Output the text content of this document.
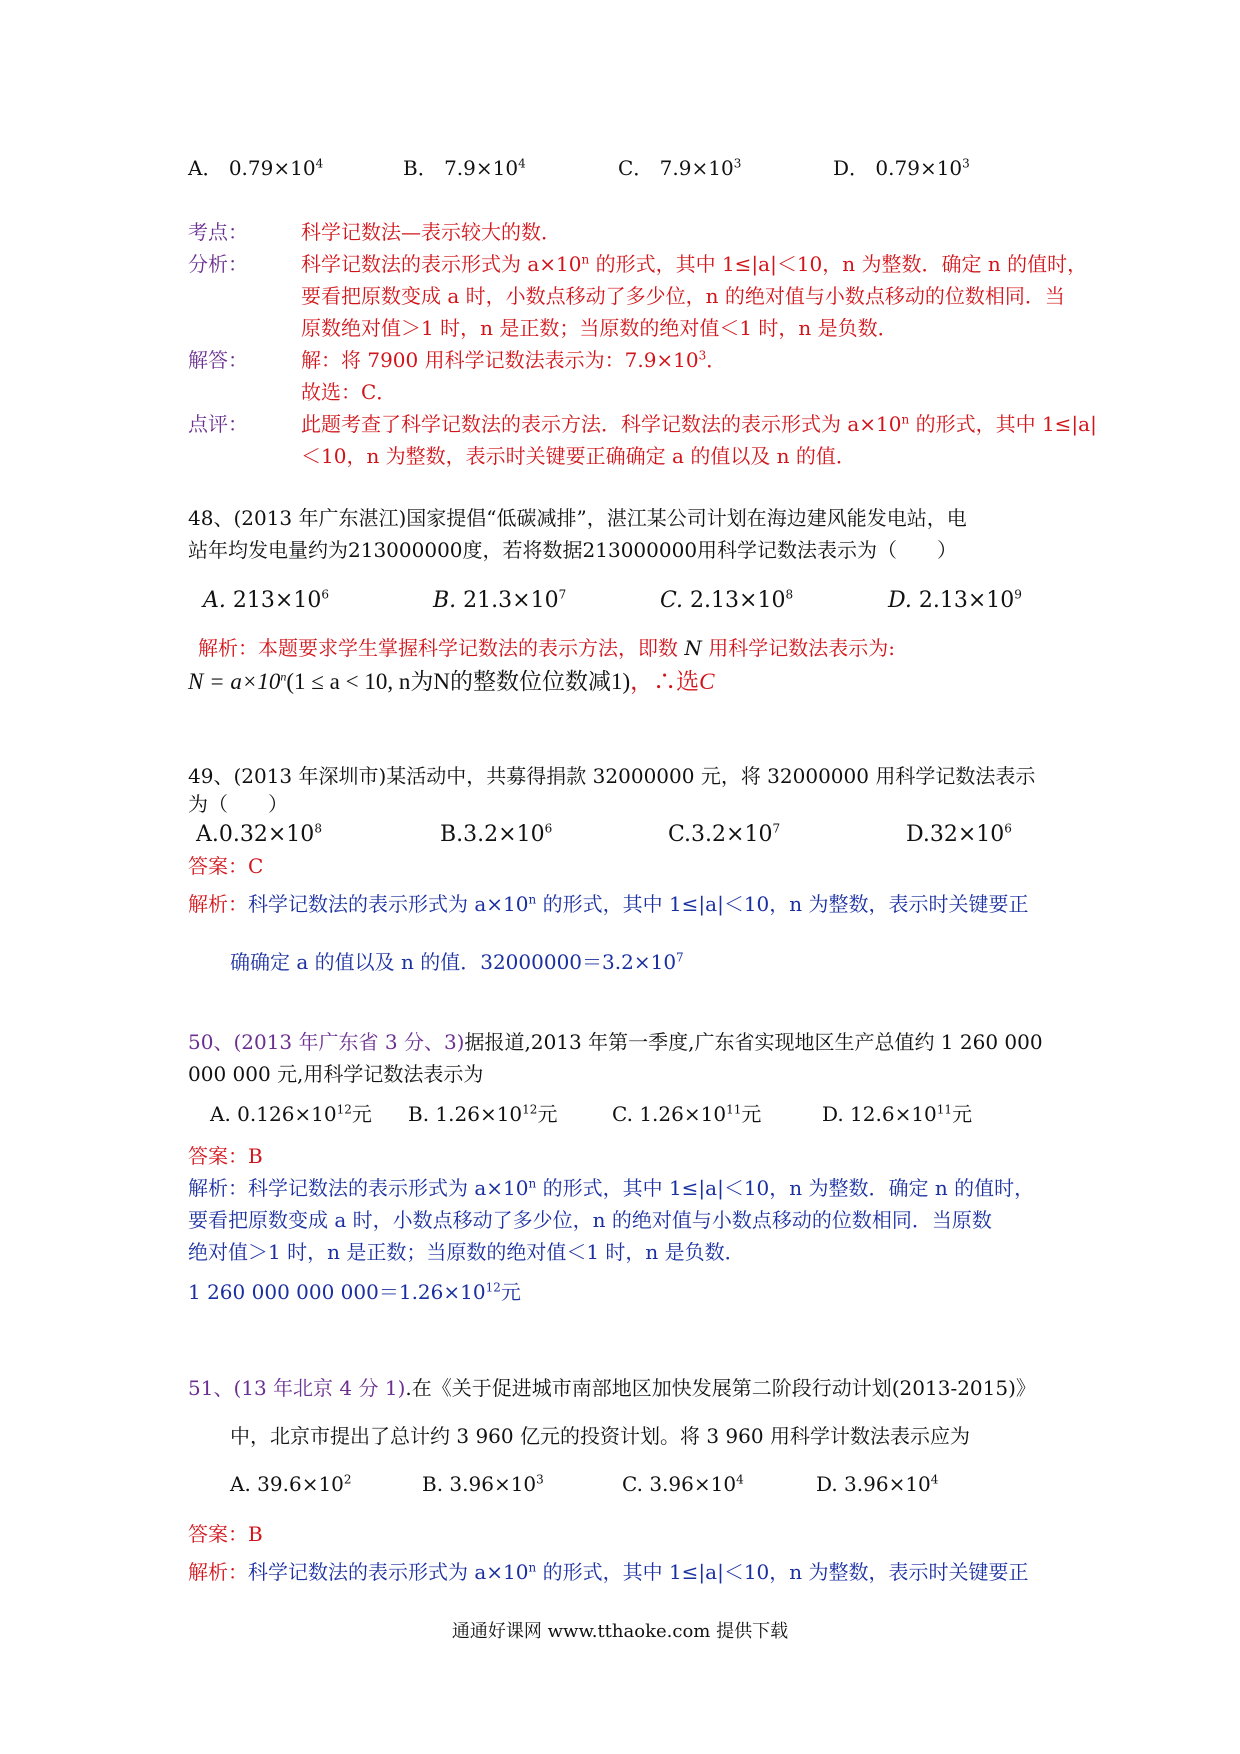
A． $0.79\times 10^4$	B． $7.9\times 10^4$	C． $7.9\times 10^3$	D． $0.79\times 10^3$
考点：	科学记数法—表示较大的数．
分析：	科学记数法的表示形式为 $a\times 10^n$ 的形式，其中 1≤|a|＜10，n 为整数．确定 n 的值时，
要看把原数变成 a 时，小数点移动了多少位，n 的绝对值与小数点移动的位数相同．当
原数绝对值＞1 时，n 是正数；当原数的绝对值＜1 时，n 是负数．
解答：	解：将 7900 用科学记数法表示为：$7.9\times 10^3$．
故选：C．
点评：	此题考查了科学记数法的表示方法．科学记数法的表示形式为 $a\times 10^n$ 的形式，其中 1≤|a|
＜10，n 为整数，表示时关键要正确确定 a 的值以及 n 的值．
48、(2013 年广东湛江)国家提倡“低碳减排”，湛江某公司计划在海边建风能发电站，电
站年均发电量约为213000000度，若将数据213000000用科学记数法表示为（　　）
A. $213\times 10^6$	B. $21.3\times 10^7$	C. $2.13\times 10^8$	D. $2.13\times 10^9$
解析：本题要求学生掌握科学记数法的表示方法，即数 N 用科学记数法表示为:
$N = a\times 10^n(1 \le a < 10$, n为N的整数位位数减1)，∴选C
49、(2013 年深圳市)某活动中，共募得捐款 32000000 元，将 32000000 用科学记数法表示
为（　　）
$A.0.32\times 10^8$	$B.3.2\times 10^6$	$C.3.2\times 10^7$	$D.32\times 10^6$
答案：C
解析：科学记数法的表示形式为 $a\times 10^n$ 的形式，其中 1≤|a|＜10，n 为整数，表示时关键要正
确确定 a 的值以及 n 的值．$32000000=3.2\times 10^7$
50、(2013 年广东省 3 分、3)据报道,2013 年第一季度,广东省实现地区生产总值约 1 260 000
000 000 元,用科学记数法表示为
A. $0.126\times 10^{12}$元 B. $1.26\times 10^{12}$元	C. $1.26\times 10^{11}$元	D. $12.6\times 10^{11}$元
答案：B
解析：科学记数法的表示形式为 $a\times 10^n$ 的形式，其中 1≤|a|＜10，n 为整数．确定 n 的值时，
要看把原数变成 a 时，小数点移动了多少位，n 的绝对值与小数点移动的位数相同．当原数
绝对值＞1 时，n 是正数；当原数的绝对值＜1 时，n 是负数．
1 260 000 000 $000=1.26\times 10^{12}$元
51、(13 年北京 4 分 1).在《关于促进城市南部地区加快发展第二阶段行动计划(2013-2015)》
中，北京市提出了总计约 3 960 亿元的投资计划。将 3 960 用科学计数法表示应为
A. $39.6\times 10^2$	B. $3.96\times 10^3$	C. $3.96\times 10^4$	D. $3.96\times 10^4$
答案：B
解析：科学记数法的表示形式为 $a\times 10^n$ 的形式，其中 1≤|a|＜10，n 为整数，表示时关键要正
通通好课网 www.tthaoke.com 提供下载
